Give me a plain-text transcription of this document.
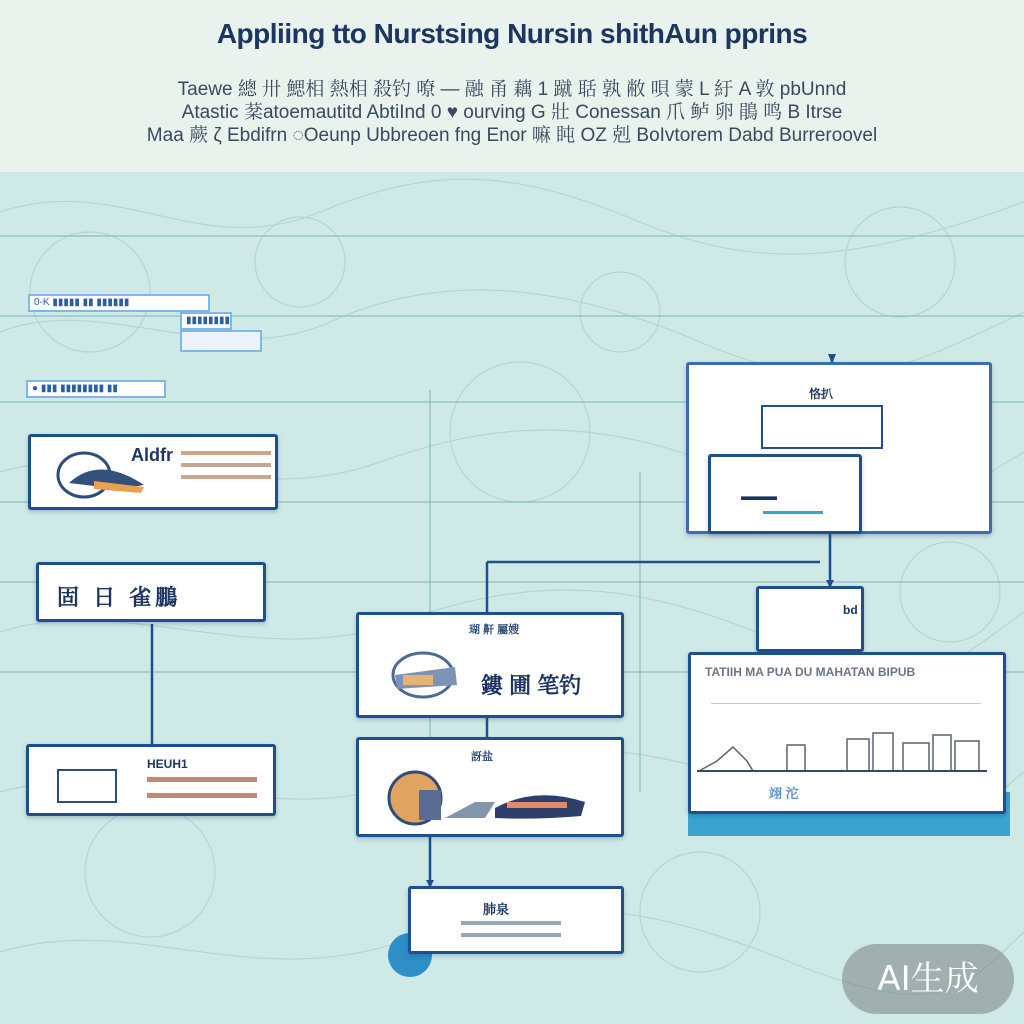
Appliing tto Nurstsing Nursin shithAun pprins
Taewe 總 卅 鰓相 熱相 殺钓 嘹 — 融 甬 藕 1 蹴 聒 孰 敝 唄 蒙 L 紆 A 敦 pbUnnd
Atastic 棻atoemautitd AbtiInd 0 ♥ ourving G 壯 Conessan 爪 鲈 卵 鵑 鸣 B Itrse
Maa 蕨 ζ Ebdifrn ◌Oeunp Ubbreoen fng Enor 嘛 盹 OZ 剋 BoIvtorem Dabd Burreroovel
0-K ▮▮▮▮▮ ▮▮ ▮▮▮▮▮▮
▮▮▮▮▮▮▮▮
● ▮▮▮ ▮▮▮▮▮▮▮▮ ▮▮
Aldfr
固 日 雀鵬
HEUH1
瑚 鼾 屬嫂
鏤 圃 笔钓
訝盐
肺泉
恪扒
▬▬▬
bd
TATIIH MA PUA DU MAHATAN BIPUB
翊 沱
AI生成
